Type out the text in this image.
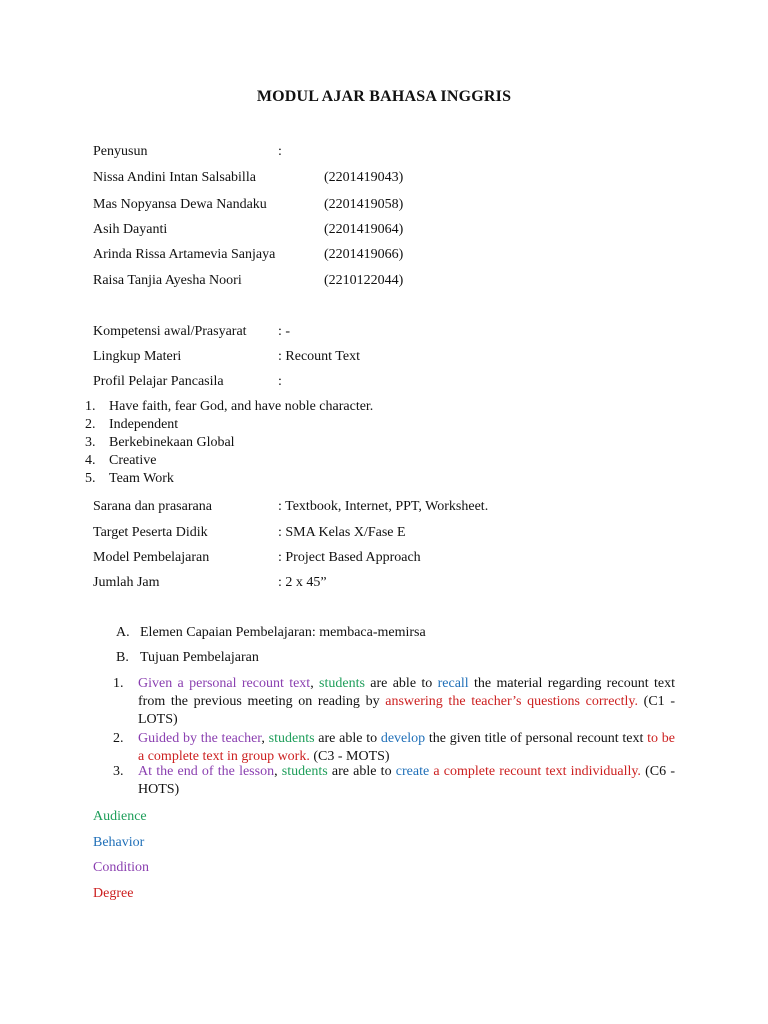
MODUL AJAR BAHASA INGGRIS
Penyusun	:
Nissa Andini Intan Salsabilla	(2201419043)
Mas Nopyansa Dewa Nandaku	(2201419058)
Asih Dayanti	(2201419064)
Arinda Rissa Artamevia Sanjaya	(2201419066)
Raisa Tanjia Ayesha Noori	(2210122044)
Kompetensi awal/Prasyarat : -
Lingkup Materi	: Recount Text
Profil Pelajar Pancasila	:
1. Have faith, fear God, and have noble character.
2. Independent
3. Berkebinekaan Global
4. Creative
5. Team Work
Sarana dan prasarana	: Textbook, Internet, PPT, Worksheet.
Target Peserta Didik	: SMA Kelas X/Fase E
Model Pembelajaran	: Project Based Approach
Jumlah Jam	: 2 x 45”
A. Elemen Capaian Pembelajaran: membaca-memirsa
B. Tujuan Pembelajaran
1. Given a personal recount text, students are able to recall the material regarding recount text from the previous meeting on reading by answering the teacher’s questions correctly. (C1 - LOTS)
2. Guided by the teacher, students are able to develop the given title of personal recount text to be a complete text in group work. (C3 - MOTS)
3. At the end of the lesson, students are able to create a complete recount text individually. (C6 - HOTS)
Audience
Behavior
Condition
Degree
